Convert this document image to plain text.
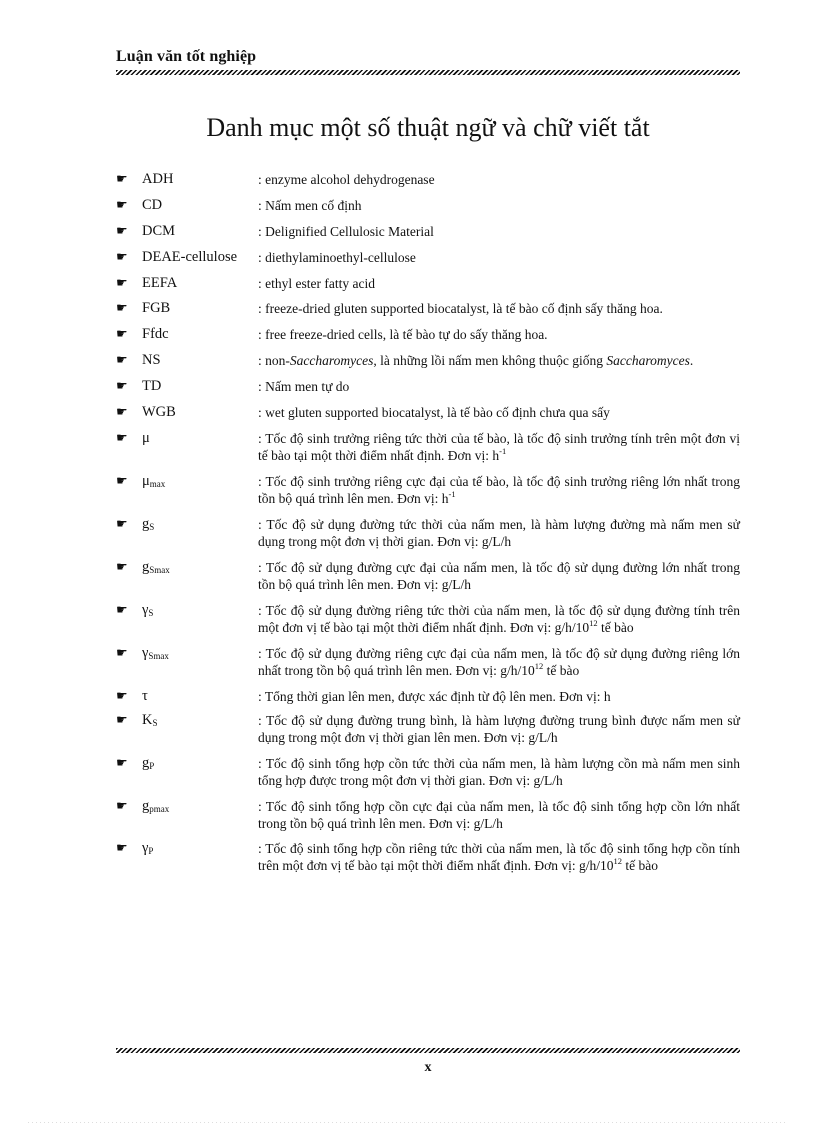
Luận văn tốt nghiệp
Danh mục một số thuật ngữ và chữ viết tắt
☛ ADH	: enzyme alcohol dehydrogenase
☛ CD	: Nấm men cố định
☛ DCM	: Delignified Cellulosic Material
☛ DEAE-cellulose	: diethylaminoethyl-cellulose
☛ EEFA	: ethyl ester fatty acid
☛ FGB	: freeze-dried gluten supported biocatalyst, là tế bào cố định sấy thăng hoa.
☛ Ffdc	: free freeze-dried cells, là tế bào tự do sấy thăng hoa.
☛ NS	: non-Saccharomyces, là những lồi nấm men không thuộc giống Saccharomyces.
☛ TD	: Nấm men tự do
☛ WGB	: wet gluten supported biocatalyst, là tế bào cố định chưa qua sấy
☛ μ	: Tốc độ sinh trưởng riêng tức thời của tế bào, là tốc độ sinh trưởng tính trên một đơn vị tế bào tại một thời điểm nhất định. Đơn vị: $h^{-1}$
☛ $\mu_{max}$	: Tốc độ sinh trưởng riêng cực đại của tế bào, là tốc độ sinh trưởng riêng lớn nhất trong tồn bộ quá trình lên men. Đơn vị: $h^{-1}$
☛ $g_S$	: Tốc độ sử dụng đường tức thời của nấm men, là hàm lượng đường mà nấm men sử dụng trong một đơn vị thời gian. Đơn vị: g/L/h
☛ $g_{Smax}$	: Tốc độ sử dụng đường cực đại của nấm men, là tốc độ sử dụng đường lớn nhất trong tồn bộ quá trình lên men. Đơn vị: g/L/h
☛ $\gamma_S$	: Tốc độ sử dụng đường riêng tức thời của nấm men, là tốc độ sử dụng đường tính trên một đơn vị tế bào tại một thời điểm nhất định. Đơn vị: $g/h/10^{12}$ tế bào
☛ $\gamma_{Smax}$	: Tốc độ sử dụng đường riêng cực đại của nấm men, là tốc độ sử dụng đường riêng lớn nhất trong tồn bộ quá trình lên men. Đơn vị: $g/h/10^{12}$ tế bào
☛ τ	: Tổng thời gian lên men, được xác định từ độ lên men. Đơn vị: h
☛ $K_S$	: Tốc độ sử dụng đường trung bình, là hàm lượng đường trung bình được nấm men sử dụng trong một đơn vị thời gian lên men. Đơn vị: g/L/h
☛ $g_P$	: Tốc độ sinh tổng hợp cồn tức thời của nấm men, là hàm lượng cồn mà nấm men sinh tổng hợp được trong một đơn vị thời gian. Đơn vị: g/L/h
☛ $g_{pmax}$	: Tốc độ sinh tổng hợp cồn cực đại của nấm men, là tốc độ sinh tổng hợp cồn lớn nhất trong tồn bộ quá trình lên men. Đơn vị: g/L/h
☛ $\gamma_P$	: Tốc độ sinh tổng hợp cồn riêng tức thời của nấm men, là tốc độ sinh tổng hợp cồn tính trên một đơn vị tế bào tại một thời điểm nhất định. Đơn vị: $g/h/10^{12}$ tế bào
x
